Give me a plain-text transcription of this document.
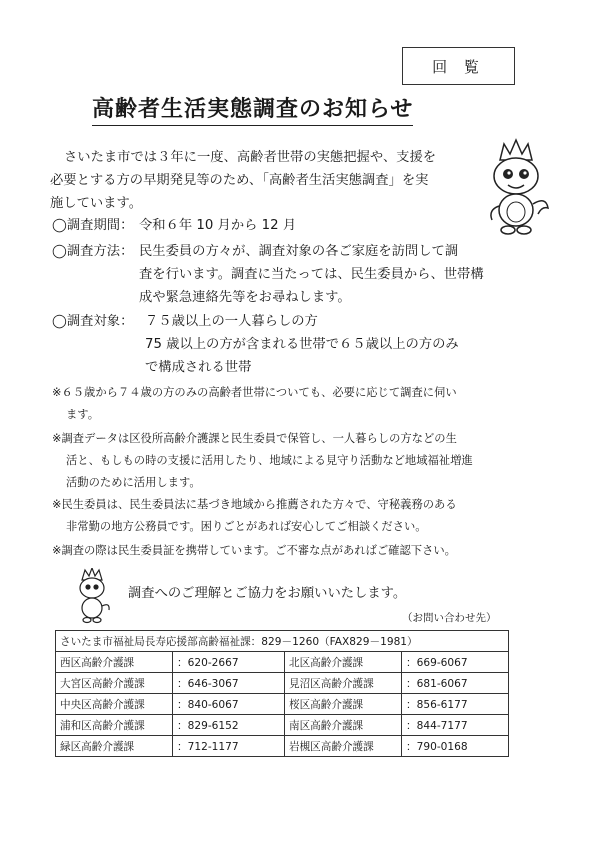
回 覧
高齢者生活実態調査のお知らせ
さいたま市では３年に一度、高齢者世帯の実態把握や、支援を
必要とする方の早期発見等のため、「高齢者生活実態調査」を実
施しています。
◯調査期間： 令和６年 10 月から 12 月
◯調査方法： 民生委員の方々が、調査対象の各ご家庭を訪問して調
査を行います。調査に当たっては、民生委員から、世帯構
成や緊急連絡先等をお尋ねします。
◯調査対象： ７５歳以上の一人暮らしの方
75 歳以上の方が含まれる世帯で６５歳以上の方のみ
で構成される世帯
※６５歳から７４歳の方のみの高齢者世帯についても、必要に応じて調査に伺い
ます。
※調査データは区役所高齢介護課と民生委員で保管し、一人暮らしの方などの生
活と、もしもの時の支援に活用したり、地域による見守り活動など地域福祉増進
活動のために活用します。
※民生委員は、民生委員法に基づき地域から推薦された方々で、守秘義務のある
非常勤の地方公務員です。困りごとがあれば安心してご相談ください。
※調査の際は民生委員証を携帯しています。ご不審な点があればご確認下さい。
調査へのご理解とご協力をお願いいたします。
（お問い合わせ先）
さいたま市福祉局長寿応援部高齢福祉課：829－1260（FAX829－1981）			
西区高齢介護課	：620-2667	北区高齢介護課	：669-6067
大宮区高齢介護課	：646-3067	見沼区高齢介護課	：681-6067
中央区高齢介護課	：840-6067	桜区高齢介護課	：856-6177
浦和区高齢介護課	：829-6152	南区高齢介護課	：844-7177
緑区高齢介護課	：712-1177	岩槻区高齢介護課	：790-0168
